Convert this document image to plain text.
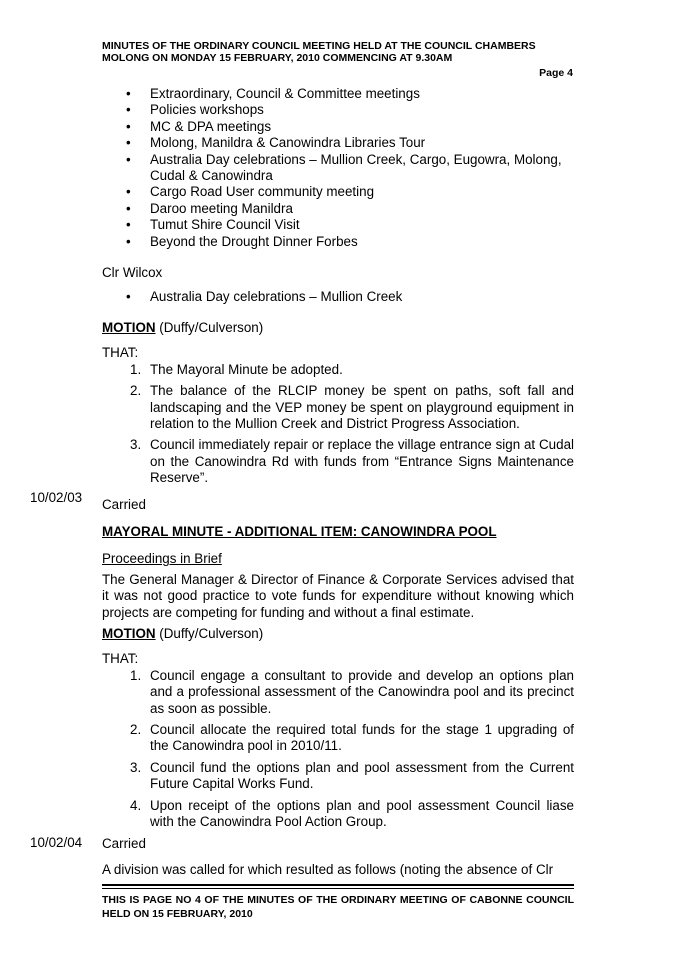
MINUTES OF THE ORDINARY COUNCIL MEETING HELD AT THE COUNCIL CHAMBERS
MOLONG ON MONDAY 15 FEBRUARY, 2010 COMMENCING AT 9.30AM
Page 4
• Extraordinary, Council & Committee meetings
• Policies workshops
• MC & DPA meetings
• Molong, Manildra & Canowindra Libraries Tour
• Australia Day celebrations – Mullion Creek, Cargo, Eugowra, Molong, Cudal & Canowindra
• Cargo Road User community meeting
• Daroo meeting Manildra
• Tumut Shire Council Visit
• Beyond the Drought Dinner Forbes

Clr Wilcox

• Australia Day celebrations – Mullion Creek

MOTION (Duffy/Culverson)

THAT:

1. The Mayoral Minute be adopted.
2. The balance of the RLCIP money be spent on paths, soft fall and landscaping and the VEP money be spent on playground equipment in relation to the Mullion Creek and District Progress Association.
3. Council immediately repair or replace the village entrance sign at Cudal on the Canowindra Rd with funds from “Entrance Signs Maintenance Reserve”.

Carried

MAYORAL MINUTE - ADDITIONAL ITEM: CANOWINDRA POOL

Proceedings in Brief

The General Manager & Director of Finance & Corporate Services advised that it was not good practice to vote funds for expenditure without knowing which projects are competing for funding and without a final estimate.

MOTION (Duffy/Culverson)

THAT:

1. Council engage a consultant to provide and develop an options plan and a professional assessment of the Canowindra pool and its precinct as soon as possible.
2. Council allocate the required total funds for the stage 1 upgrading of the Canowindra pool in 2010/11.
3. Council fund the options plan and pool assessment from the Current Future Capital Works Fund.
4. Upon receipt of the options plan and pool assessment Council liase with the Canowindra Pool Action Group.

Carried

A division was called for which resulted as follows (noting the absence of Clr

10/02/03
10/02/04
THIS IS PAGE NO 4 OF THE MINUTES OF THE ORDINARY MEETING OF CABONNE COUNCIL HELD ON 15 FEBRUARY, 2010
